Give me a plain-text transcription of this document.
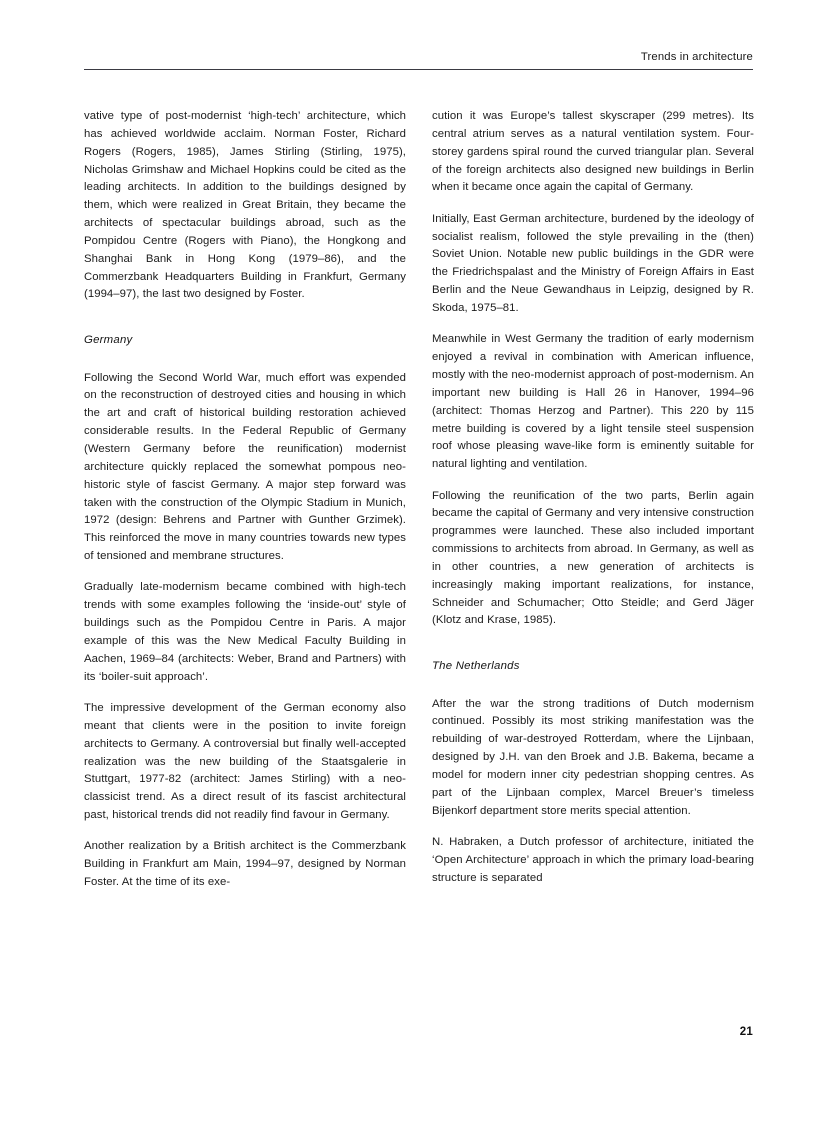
Trends in architecture

vative type of post-modernist ‘high-tech’ architecture, which has achieved worldwide acclaim. Norman Foster, Richard Rogers (Rogers, 1985), James Stirling (Stirling, 1975), Nicholas Grimshaw and Michael Hopkins could be cited as the leading architects. In addition to the buildings designed by them, which were realized in Great Britain, they became the architects of spectacular buildings abroad, such as the Pompidou Centre (Rogers with Piano), the Hongkong and Shanghai Bank in Hong Kong (1979–86), and the Commerzbank Headquarters Building in Frankfurt, Germany (1994–97), the last two designed by Foster.

Germany

Following the Second World War, much effort was expended on the reconstruction of destroyed cities and housing in which the art and craft of historical building restoration achieved considerable results. In the Federal Republic of Germany (Western Germany before the reunification) modernist architecture quickly replaced the somewhat pompous neo-historic style of fascist Germany. A major step forward was taken with the construction of the Olympic Stadium in Munich, 1972 (design: Behrens and Partner with Gunther Grzimek). This reinforced the move in many countries towards new types of tensioned and membrane structures.

Gradually late-modernism became combined with high-tech trends with some examples following the ‘inside-out’ style of buildings such as the Pompidou Centre in Paris. A major example of this was the New Medical Faculty Building in Aachen, 1969–84 (architects: Weber, Brand and Partners) with its ‘boiler-suit approach’.

The impressive development of the German economy also meant that clients were in the position to invite foreign architects to Germany. A controversial but finally well-accepted realization was the new building of the Staatsgalerie in Stuttgart, 1977-82 (architect: James Stirling) with a neo-classicist trend. As a direct result of its fascist architectural past, historical trends did not readily find favour in Germany.

Another realization by a British architect is the Commerzbank Building in Frankfurt am Main, 1994–97, designed by Norman Foster. At the time of its exe-

cution it was Europe’s tallest skyscraper (299 metres). Its central atrium serves as a natural ventilation system. Four-storey gardens spiral round the curved triangular plan. Several of the foreign architects also designed new buildings in Berlin when it became once again the capital of Germany.

Initially, East German architecture, burdened by the ideology of socialist realism, followed the style prevailing in the (then) Soviet Union. Notable new public buildings in the GDR were the Friedrichspalast and the Ministry of Foreign Affairs in East Berlin and the Neue Gewandhaus in Leipzig, designed by R. Skoda, 1975–81.

Meanwhile in West Germany the tradition of early modernism enjoyed a revival in combination with American influence, mostly with the neo-modernist approach of post-modernism. An important new building is Hall 26 in Hanover, 1994–96 (architect: Thomas Herzog and Partner). This 220 by 115 metre building is covered by a light tensile steel suspension roof whose pleasing wave-like form is eminently suitable for natural lighting and ventilation.

Following the reunification of the two parts, Berlin again became the capital of Germany and very intensive construction programmes were launched. These also included important commissions to architects from abroad. In Germany, as well as in other countries, a new generation of architects is increasingly making important realizations, for instance, Schneider and Schumacher; Otto Steidle; and Gerd Jäger (Klotz and Krase, 1985).

The Netherlands

After the war the strong traditions of Dutch modernism continued. Possibly its most striking manifestation was the rebuilding of war-destroyed Rotterdam, where the Lijnbaan, designed by J.H. van den Broek and J.B. Bakema, became a model for modern inner city pedestrian shopping centres. As part of the Lijnbaan complex, Marcel Breuer’s timeless Bijenkorf department store merits special attention.

N. Habraken, a Dutch professor of architecture, initiated the ‘Open Architecture’ approach in which the primary load-bearing structure is separated

21
